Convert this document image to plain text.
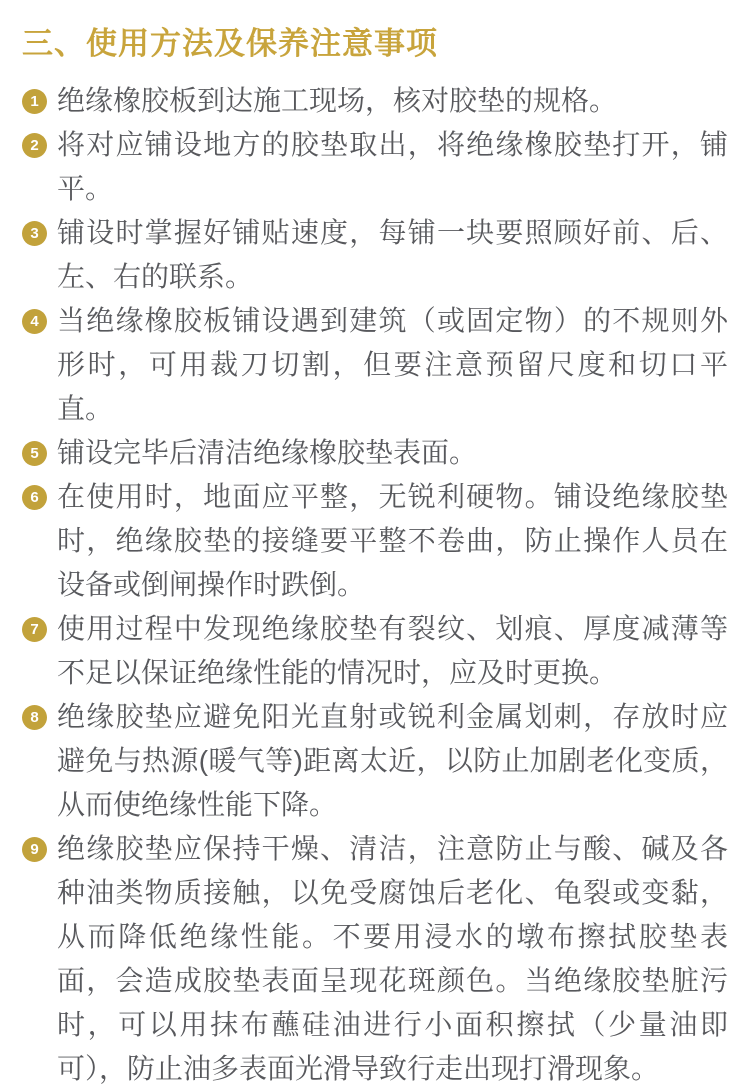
三、使用方法及保养注意事项
1 绝缘橡胶板到达施工现场，核对胶垫的规格。
2 将对应铺设地方的胶垫取出，将绝缘橡胶垫打开，铺平。
3 铺设时掌握好铺贴速度，每铺一块要照顾好前、后、左、右的联系。
4 当绝缘橡胶板铺设遇到建筑（或固定物）的不规则外形时，可用裁刀切割，但要注意预留尺度和切口平直。
5 铺设完毕后清洁绝缘橡胶垫表面。
6 在使用时，地面应平整，无锐利硬物。铺设绝缘胶垫时，绝缘胶垫的接缝要平整不卷曲，防止操作人员在设备或倒闸操作时跌倒。
7 使用过程中发现绝缘胶垫有裂纹、划痕、厚度减薄等不足以保证绝缘性能的情况时，应及时更换。
8 绝缘胶垫应避免阳光直射或锐利金属划刺，存放时应避免与热源(暖气等)距离太近，以防止加剧老化变质，从而使绝缘性能下降。
9 绝缘胶垫应保持干燥、清洁，注意防止与酸、碱及各种油类物质接触，以免受腐蚀后老化、龟裂或变黏，从而降低绝缘性能。不要用浸水的墩布擦拭胶垫表面，会造成胶垫表面呈现花斑颜色。当绝缘胶垫脏污时，可以用抹布蘸硅油进行小面积擦拭（少量油即可），防止油多表面光滑导致行走出现打滑现象。
